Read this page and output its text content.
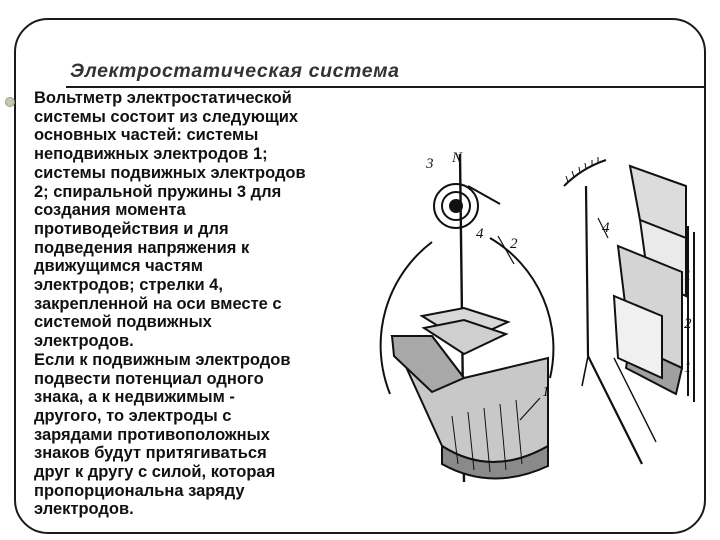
Электростатическая система
Вольтметр электростатической
системы состоит из следующих
основных частей: системы
неподвижных электродов 1;
системы подвижных электродов
2; спиральной пружины 3 для
создания момента
противодействия и для
подведения напряжения к
движущимся частям
электродов; стрелки 4,
закрепленной на оси вместе с
системой подвижных
электродов.
Если к подвижным электродов
подвести потенциал одного
знака, а к недвижимым -
другого, то электроды с
зарядами противоположных
знаков будут притягиваться
друг к другу с силой, которая
пропорциональна заряду
электродов.
3 N
4
2
1
4
1
2
1
